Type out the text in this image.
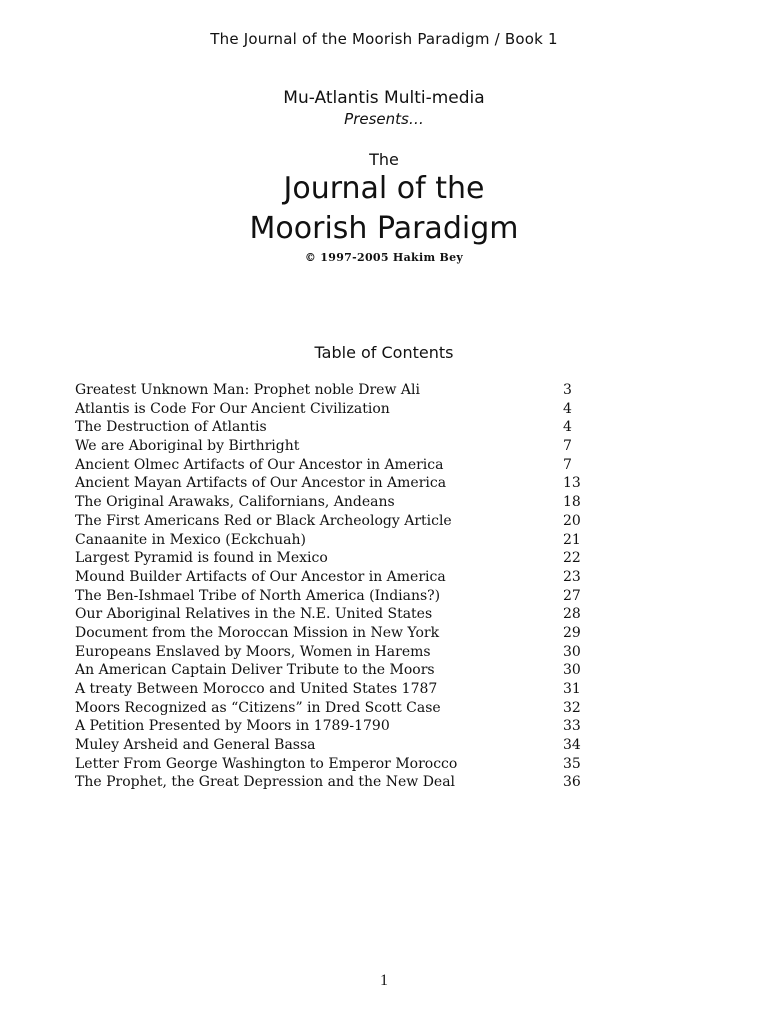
The Journal of the Moorish Paradigm / Book 1
Mu-Atlantis Multi-media
Presents…
The
Journal of the
Moorish Paradigm
© 1997-2005 Hakim Bey
Table of Contents
Greatest Unknown Man: Prophet noble Drew Ali	3
Atlantis is Code For Our Ancient Civilization	4
The Destruction of Atlantis	4
We are Aboriginal by Birthright	7
Ancient Olmec Artifacts of Our Ancestor in America	7
Ancient Mayan Artifacts of Our Ancestor in America	13
The Original Arawaks, Californians, Andeans	18
The First Americans Red or Black Archeology Article	20
Canaanite in Mexico (Eckchuah)	21
Largest Pyramid is found in Mexico	22
Mound Builder Artifacts of Our Ancestor in America	23
The Ben-Ishmael Tribe of North America (Indians?)	27
Our Aboriginal Relatives in the N.E. United States	28
Document from the Moroccan Mission in New York	29
Europeans Enslaved by Moors, Women in Harems	30
An American Captain Deliver Tribute to the Moors	30
A treaty Between Morocco and United States 1787	31
Moors Recognized as “Citizens” in Dred Scott Case	32
A Petition Presented by Moors in 1789-1790	33
Muley Arsheid and General Bassa	34
Letter From George Washington to Emperor Morocco	35
The Prophet, the Great Depression and the New Deal	36
1
